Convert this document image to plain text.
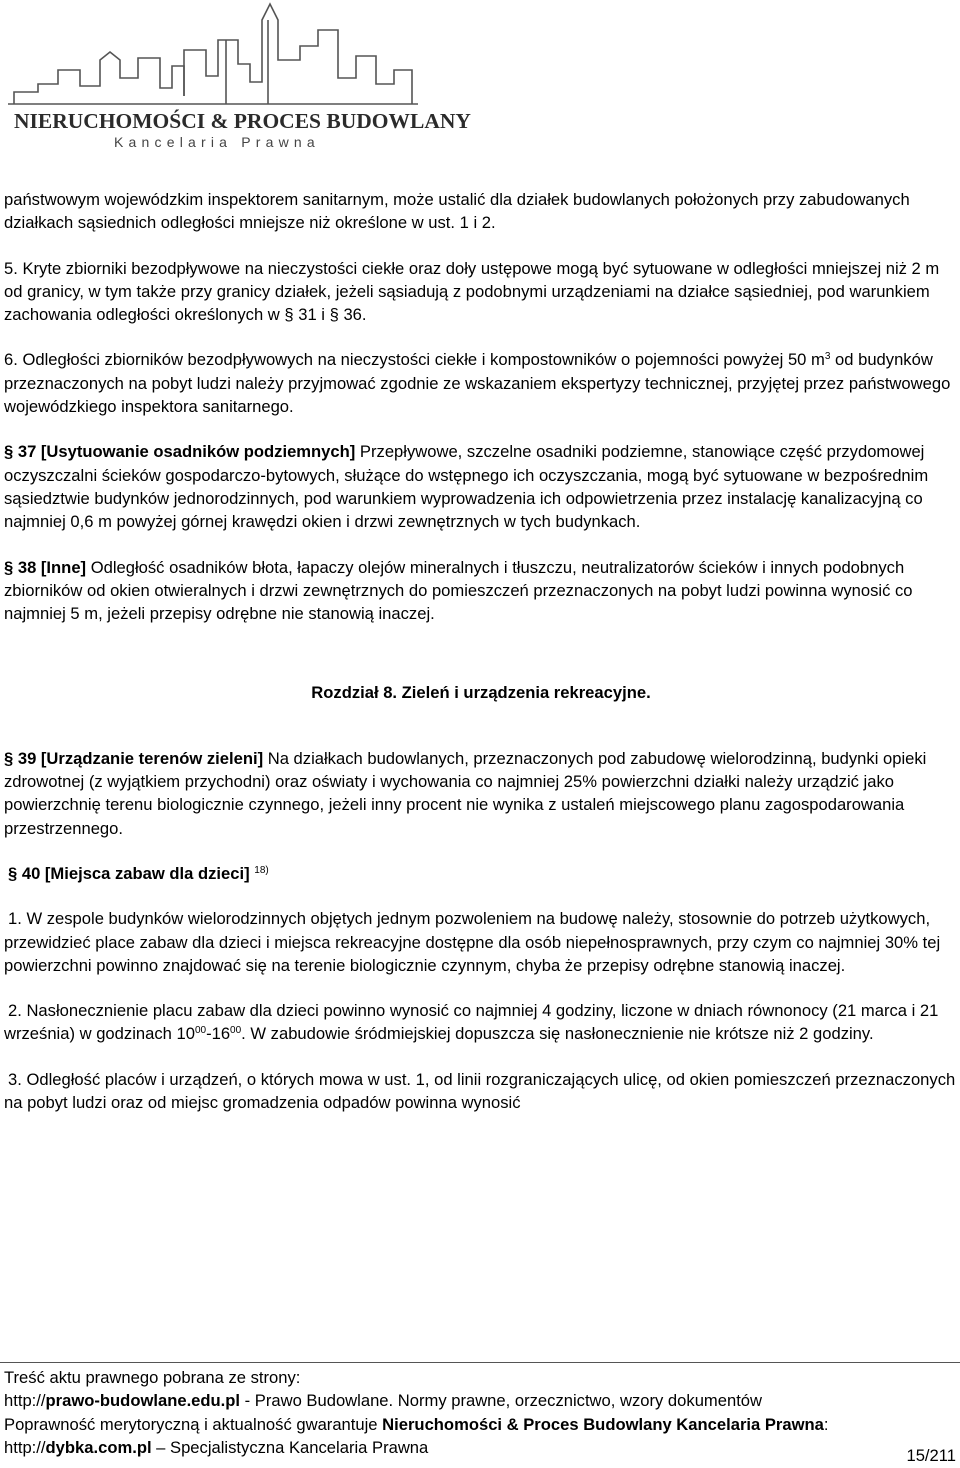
NIERUCHOMOŚCI & PROCES BUDOWLANY
Kancelaria Prawna

państwowym wojewódzkim inspektorem sanitarnym, może ustalić dla działek budowlanych położonych przy zabudowanych działkach sąsiednich odległości mniejsze niż określone w ust. 1 i 2.

5. Kryte zbiorniki bezodpływowe na nieczystości ciekłe oraz doły ustępowe mogą być sytuowane w odległości mniejszej niż 2 m od granicy, w tym także przy granicy działek, jeżeli sąsiadują z podobnymi urządzeniami na działce sąsiedniej, pod warunkiem zachowania odległości określonych w § 31 i § 36.

6. Odległości zbiorników bezodpływowych na nieczystości ciekłe i kompostowników o pojemności powyżej 50 $m^3$ od budynków przeznaczonych na pobyt ludzi należy przyjmować zgodnie ze wskazaniem ekspertyzy technicznej, przyjętej przez państwowego wojewódzkiego inspektora sanitarnego.

§ 37 [Usytuowanie osadników podziemnych] Przepływowe, szczelne osadniki podziemne, stanowiące część przydomowej oczyszczalni ścieków gospodarczo-bytowych, służące do wstępnego ich oczyszczania, mogą być sytuowane w bezpośrednim sąsiedztwie budynków jednorodzinnych, pod warunkiem wyprowadzenia ich odpowietrzenia przez instalację kanalizacyjną co najmniej 0,6 m powyżej górnej krawędzi okien i drzwi zewnętrznych w tych budynkach.

§ 38 [Inne] Odległość osadników błota, łapaczy olejów mineralnych i tłuszczu, neutralizatorów ścieków i innych podobnych zbiorników od okien otwieralnych i drzwi zewnętrznych do pomieszczeń przeznaczonych na pobyt ludzi powinna wynosić co najmniej 5 m, jeżeli przepisy odrębne nie stanowią inaczej.

Rozdział 8. Zieleń i urządzenia rekreacyjne.

§ 39 [Urządzanie terenów zieleni] Na działkach budowlanych, przeznaczonych pod zabudowę wielorodzinną, budynki opieki zdrowotnej (z wyjątkiem przychodni) oraz oświaty i wychowania co najmniej 25% powierzchni działki należy urządzić jako powierzchnię terenu biologicznie czynnego, jeżeli inny procent nie wynika z ustaleń miejscowego planu zagospodarowania przestrzennego.

§ 40 [Miejsca zabaw dla dzieci] $^{18)}$

1. W zespole budynków wielorodzinnych objętych jednym pozwoleniem na budowę należy, stosownie do potrzeb użytkowych, przewidzieć place zabaw dla dzieci i miejsca rekreacyjne dostępne dla osób niepełnosprawnych, przy czym co najmniej 30% tej powierzchni powinno znajdować się na terenie biologicznie czynnym, chyba że przepisy odrębne stanowią inaczej.

2. Nasłonecznienie placu zabaw dla dzieci powinno wynosić co najmniej 4 godziny, liczone w dniach równonocy (21 marca i 21 września) w godzinach $10^{00}-16^{00}$. W zabudowie śródmiejskiej dopuszcza się nasłonecznienie nie krótsze niż 2 godziny.

3. Odległość placów i urządzeń, o których mowa w ust. 1, od linii rozgraniczających ulicę, od okien pomieszczeń przeznaczonych na pobyt ludzi oraz od miejsc gromadzenia odpadów powinna wynosić

Treść aktu prawnego pobrana ze strony:
http://prawo-budowlane.edu.pl - Prawo Budowlane. Normy prawne, orzecznictwo, wzory dokumentów
Poprawność merytoryczną i aktualność gwarantuje Nieruchomości & Proces Budowlany Kancelaria Prawna:
http://dybka.com.pl – Specjalistyczna Kancelaria Prawna	15/211
